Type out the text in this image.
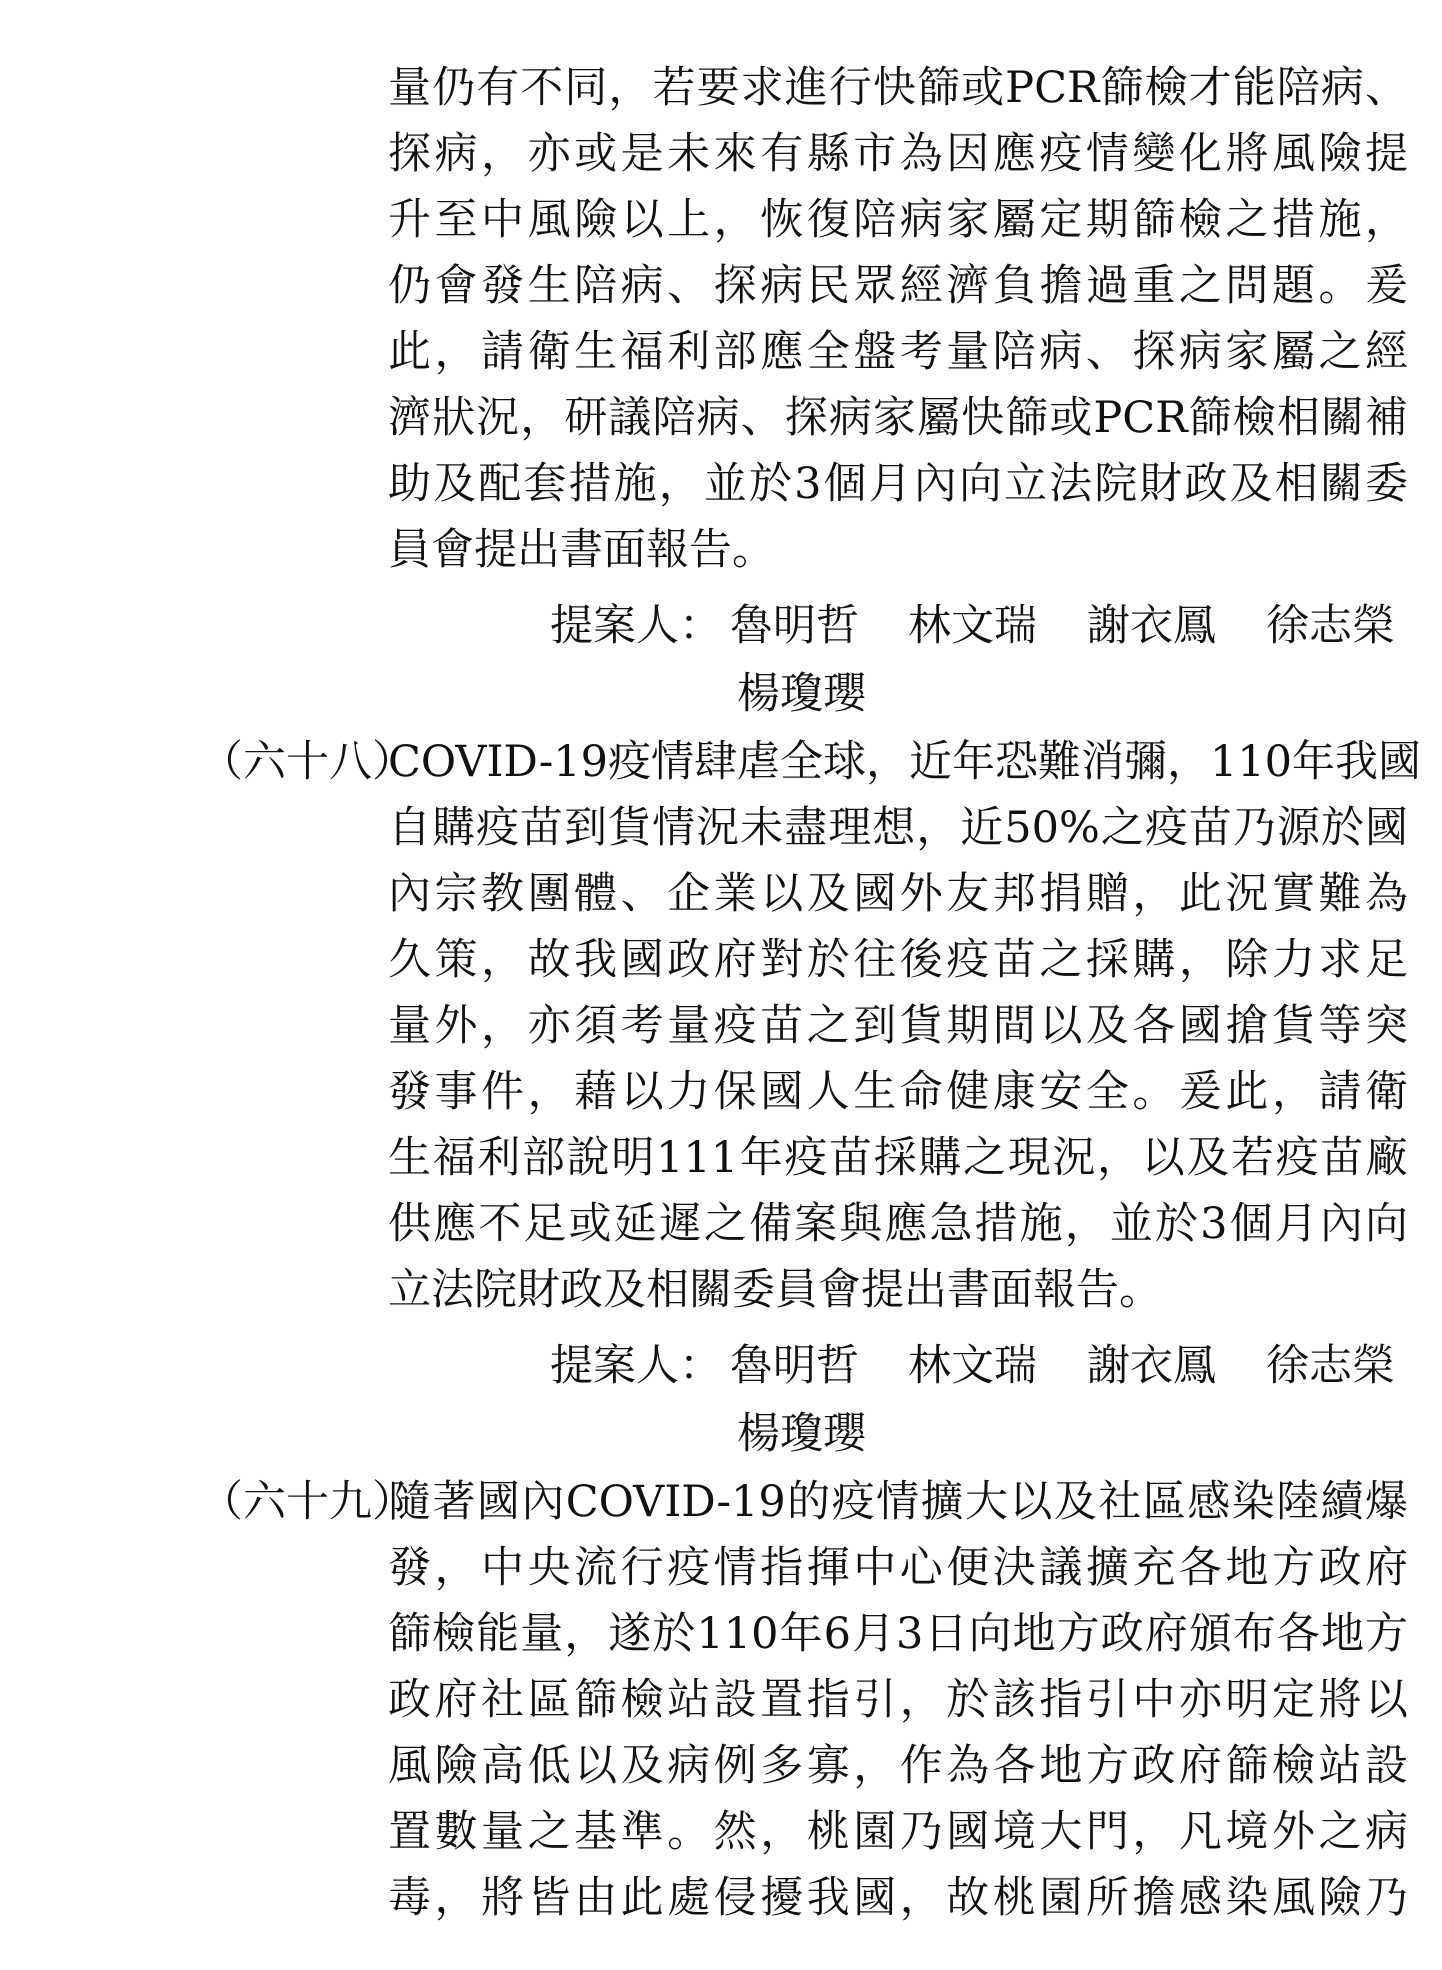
量仍有不同，若要求進行快篩或PCR篩檢才能陪病、
探病，亦或是未來有縣市為因應疫情變化將風險提
升至中風險以上，恢復陪病家屬定期篩檢之措施，
仍會發生陪病、探病民眾經濟負擔過重之問題。爰
此，請衛生福利部應全盤考量陪病、探病家屬之經
濟狀況，研議陪病、探病家屬快篩或PCR篩檢相關補
助及配套措施，並於3個月內向立法院財政及相關委
員會提出書面報告。
提案人： 魯明哲 林文瑞 謝衣鳳 徐志榮
楊瓊瓔
（六十八）
COVID-19疫情肆虐全球，近年恐難消彌，110年我國
自購疫苗到貨情況未盡理想，近50%之疫苗乃源於國
內宗教團體、企業以及國外友邦捐贈，此況實難為
久策，故我國政府對於往後疫苗之採購，除力求足
量外，亦須考量疫苗之到貨期間以及各國搶貨等突
發事件，藉以力保國人生命健康安全。爰此，請衛
生福利部說明111年疫苗採購之現況，以及若疫苗廠
供應不足或延遲之備案與應急措施，並於3個月內向
立法院財政及相關委員會提出書面報告。
提案人： 魯明哲 林文瑞 謝衣鳳 徐志榮
楊瓊瓔
（六十九）
隨著國內COVID-19的疫情擴大以及社區感染陸續爆
發，中央流行疫情指揮中心便決議擴充各地方政府
篩檢能量，遂於110年6月3日向地方政府頒布各地方
政府社區篩檢站設置指引，於該指引中亦明定將以
風險高低以及病例多寡，作為各地方政府篩檢站設
置數量之基準。然，桃園乃國境大門，凡境外之病
毒，將皆由此處侵擾我國，故桃園所擔感染風險乃
